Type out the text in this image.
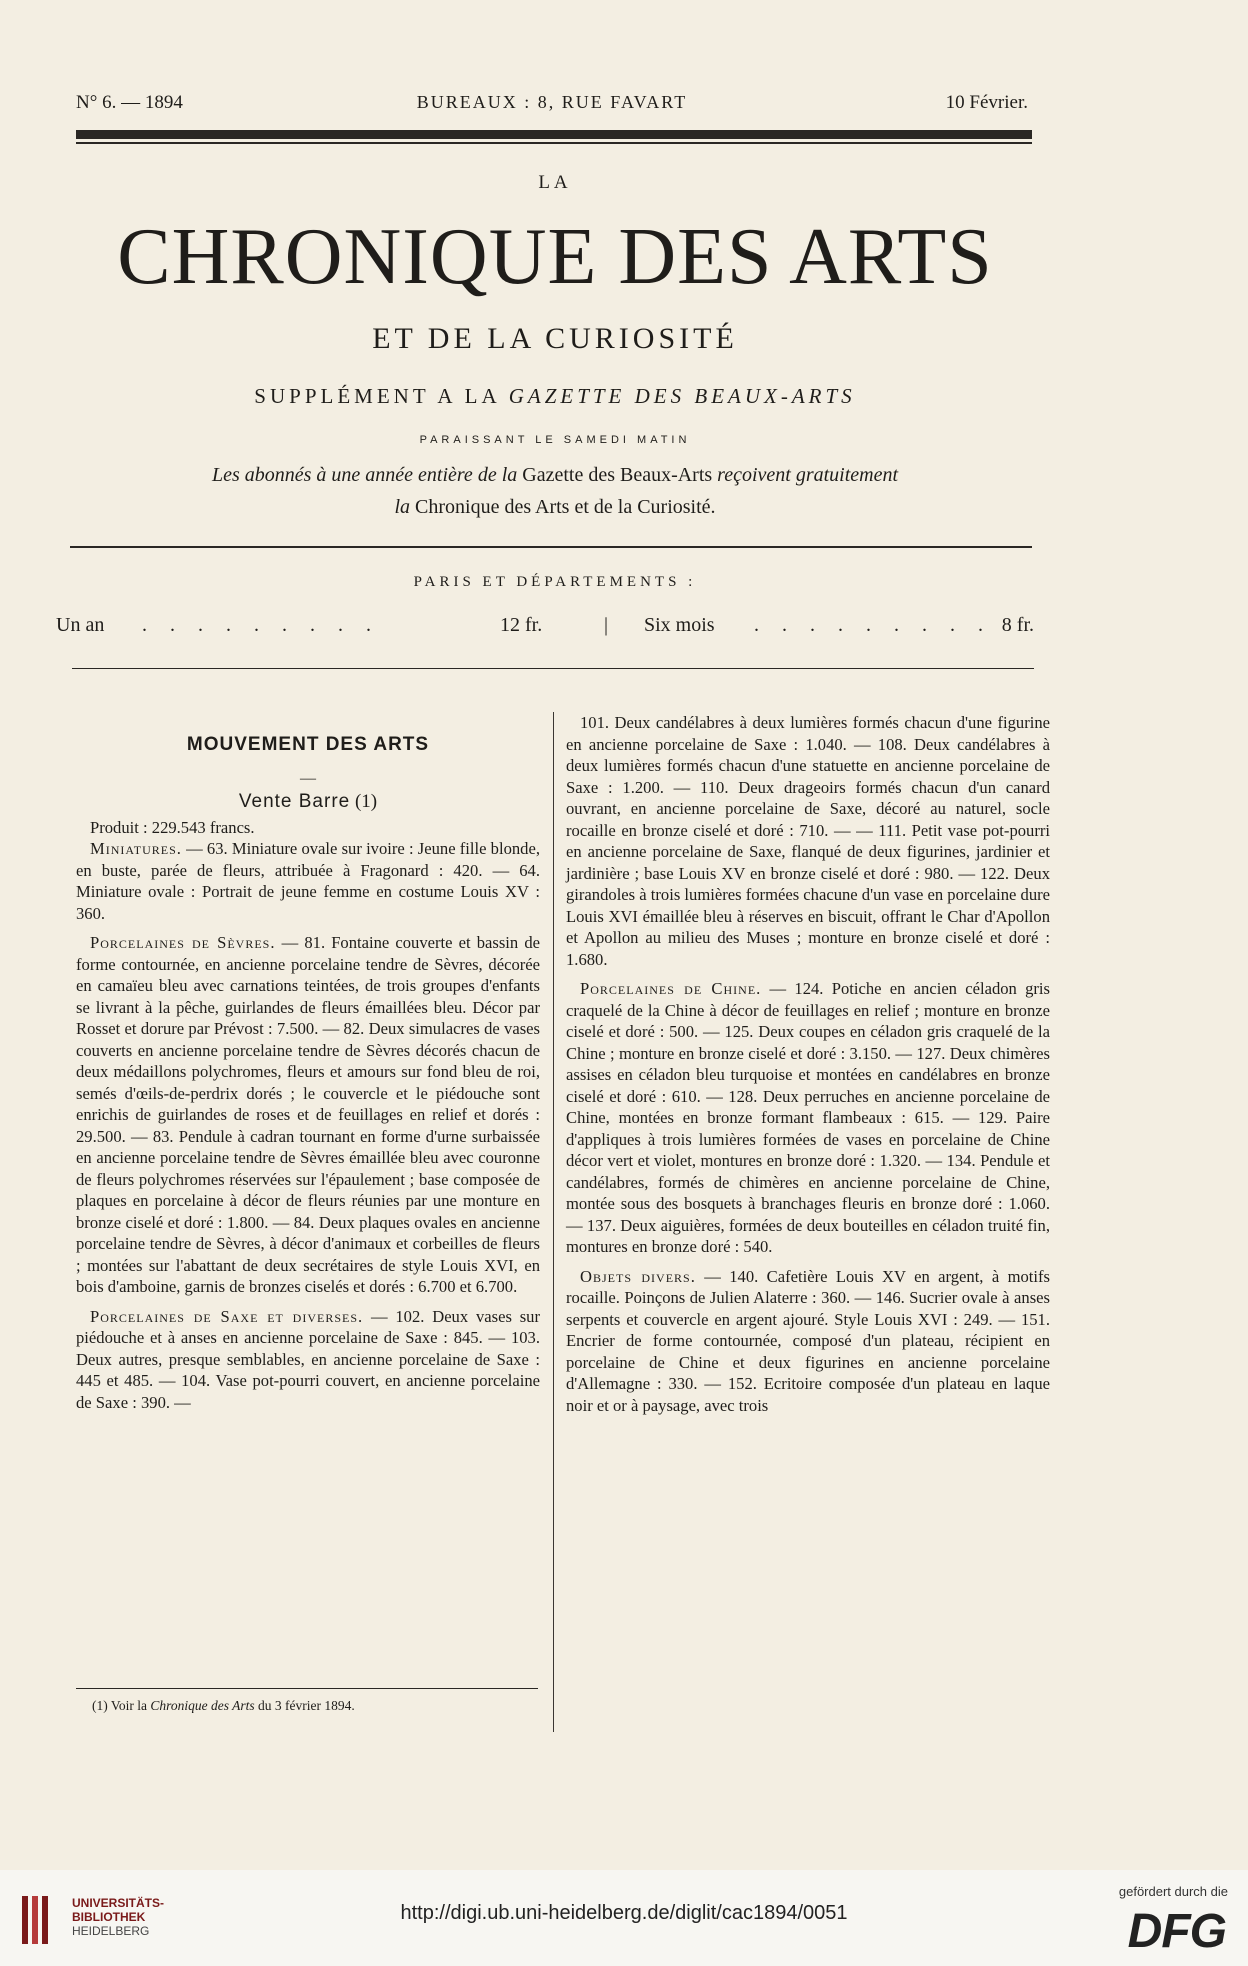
N° 6. — 1894	BUREAUX : 8, RUE FAVART	10 Février.
LA
CHRONIQUE DES ARTS
ET DE LA CURIOSITÉ
SUPPLÉMENT A LA GAZETTE DES BEAUX-ARTS
PARAISSANT LE SAMEDI MATIN
Les abonnés à une année entière de la Gazette des Beaux-Arts reçoivent gratuitement
la Chronique des Arts et de la Curiosité.
PARIS ET DÉPARTEMENTS :
Un an . . . . . . . . .	12 fr.	| Six mois . . . . . . . . . 8 fr.
MOUVEMENT DES ARTS
—
Vente Barre (1)

Produit : 229.543 francs.

Miniatures. — 63. Miniature ovale sur ivoire : Jeune fille blonde, en buste, parée de fleurs, attribuée à Fragonard : 420. — 64. Miniature ovale : Portrait de jeune femme en costume Louis XV : 360.

Porcelaines de Sèvres. — 81. Fontaine couverte et bassin de forme contournée, en ancienne porcelaine tendre de Sèvres, décorée en camaïeu bleu avec carnations teintées, de trois groupes d'enfants se livrant à la pêche, guirlandes de fleurs émaillées bleu. Décor par Rosset et dorure par Prévost : 7.500. — 82. Deux simulacres de vases couverts en ancienne porcelaine tendre de Sèvres décorés chacun de deux médaillons polychromes, fleurs et amours sur fond bleu de roi, semés d'œils-de-perdrix dorés ; le couvercle et le piédouche sont enrichis de guirlandes de roses et de feuillages en relief et dorés : 29.500. — 83. Pendule à cadran tournant en forme d'urne surbaissée en ancienne porcelaine tendre de Sèvres émaillée bleu avec couronne de fleurs polychromes réservées sur l'épaulement ; base composée de plaques en porcelaine à décor de fleurs réunies par une monture en bronze ciselé et doré : 1.800. — 84. Deux plaques ovales en ancienne porcelaine tendre de Sèvres, à décor d'animaux et corbeilles de fleurs ; montées sur l'abattant de deux secrétaires de style Louis XVI, en bois d'amboine, garnis de bronzes ciselés et dorés : 6.700 et 6.700.

Porcelaines de Saxe et diverses. — 102. Deux vases sur piédouche et à anses en ancienne porcelaine de Saxe : 845. — 103. Deux autres, presque semblables, en ancienne porcelaine de Saxe : 445 et 485. — 104. Vase pot-pourri couvert, en ancienne porcelaine de Saxe : 390. —

(1) Voir la Chronique des Arts du 3 février 1894.

101. Deux candélabres à deux lumières formés chacun d'une figurine en ancienne porcelaine de Saxe : 1.040. — 108. Deux candélabres à deux lumières formés chacun d'une statuette en ancienne porcelaine de Saxe : 1.200. — 110. Deux drageoirs formés chacun d'un canard ouvrant, en ancienne porcelaine de Saxe, décoré au naturel, socle rocaille en bronze ciselé et doré : 710. — — 111. Petit vase pot-pourri en ancienne porcelaine de Saxe, flanqué de deux figurines, jardinier et jardinière ; base Louis XV en bronze ciselé et doré : 980. — 122. Deux girandoles à trois lumières formées chacune d'un vase en porcelaine dure Louis XVI émaillée bleu à réserves en biscuit, offrant le Char d'Apollon et Apollon au milieu des Muses ; monture en bronze ciselé et doré : 1.680.

Porcelaines de Chine. — 124. Potiche en ancien céladon gris craquelé de la Chine à décor de feuillages en relief ; monture en bronze ciselé et doré : 500. — 125. Deux coupes en céladon gris craquelé de la Chine ; monture en bronze ciselé et doré : 3.150. — 127. Deux chimères assises en céladon bleu turquoise et montées en candélabres en bronze ciselé et doré : 610. — 128. Deux perruches en ancienne porcelaine de Chine, montées en bronze formant flambeaux : 615. — 129. Paire d'appliques à trois lumières formées de vases en porcelaine de Chine décor vert et violet, montures en bronze doré : 1.320. — 134. Pendule et candélabres, formés de chimères en ancienne porcelaine de Chine, montée sous des bosquets à branchages fleuris en bronze doré : 1.060. — 137. Deux aiguières, formées de deux bouteilles en céladon truité fin, montures en bronze doré : 540.

Objets divers. — 140. Cafetière Louis XV en argent, à motifs rocaille. Poinçons de Julien Alaterre : 360. — 146. Sucrier ovale à anses serpents et couvercle en argent ajouré. Style Louis XVI : 249. — 151. Encrier de forme contournée, composé d'un plateau, récipient en porcelaine de Chine et deux figurines en ancienne porcelaine d'Allemagne : 330. — 152. Ecritoire composée d'un plateau en laque noir et or à paysage, avec trois

UNIVERSITÄTS-
BIBLIOTHEK
HEIDELBERG
http://digi.ub.uni-heidelberg.de/diglit/cac1894/0051
gefördert durch die
DFG
